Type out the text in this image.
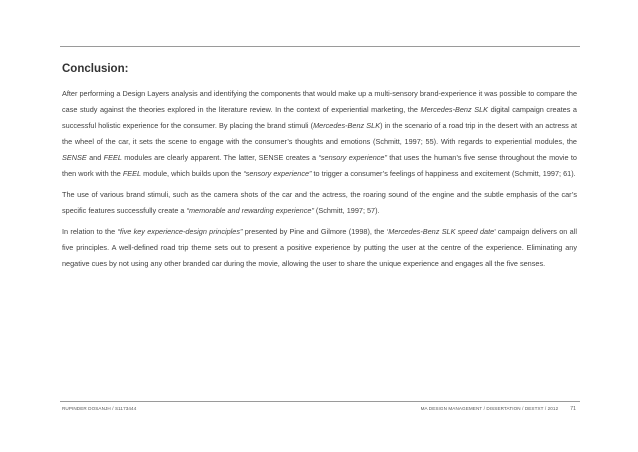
Conclusion:

After performing a Design Layers analysis and identifying the components that would make up a multi-sensory brand-experience it was possible to compare the case study against the theories explored in the literature review. In the context of experiential marketing, the Mercedes-Benz SLK digital campaign creates a successful holistic experience for the consumer. By placing the brand stimuli (Mercedes-Benz SLK) in the scenario of a road trip in the desert with an actress at the wheel of the car, it sets the scene to engage with the consumer’s thoughts and emotions (Schmitt, 1997; 55). With regards to experiential modules, the SENSE and FEEL modules are clearly apparent. The latter, SENSE creates a “sensory experience” that uses the human’s five sense throughout the movie to then work with the FEEL module, which builds upon the “sensory experience” to trigger a consumer’s feelings of happiness and excitement (Schmitt, 1997; 61).

The use of various brand stimuli, such as the camera shots of the car and the actress, the roaring sound of the engine and the subtle emphasis of the car’s specific features successfully create a “memorable and rewarding experience” (Schmitt, 1997; 57).

In relation to the “five key experience-design principles” presented by Pine and Gilmore (1998), the ‘Mercedes-Benz SLK speed date’ campaign delivers on all five principles. A well-defined road trip theme sets out to present a positive experience by putting the user at the centre of the experience. Eliminating any negative cues by not using any other branded car during the movie, allowing the user to share the unique experience and engages all the five senses.

RUPINDER DOSANJH / S1173444	MA DESIGN MANAGEMENT / DISSERTATION / DESTXT / 2012 71
